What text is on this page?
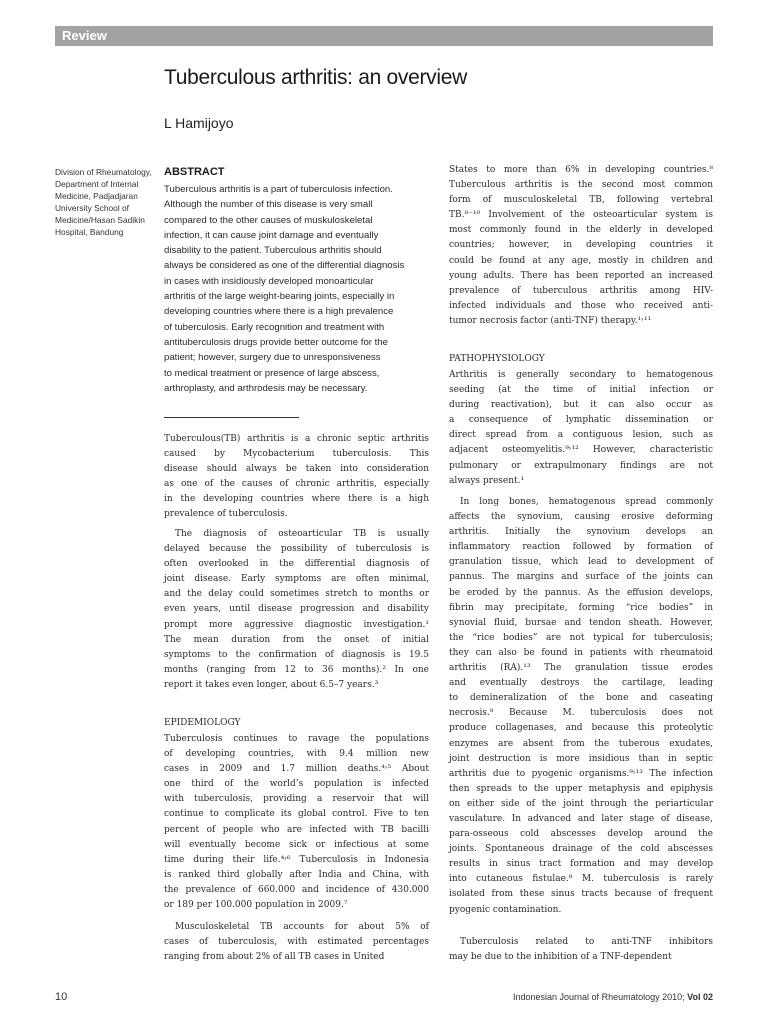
Review
Tuberculous arthritis: an overview
L Hamijoyo
Division of Rheumatology,
Department of Internal
Medicine, Padjadjaran
University School of
Medicine/Hasan Sadikin
Hospital, Bandung
ABSTRACT
Tuberculous arthritis is a part of tuberculosis infection.
Although the number of this disease is very small
compared to the other causes of muskuloskeletal
infection, it can cause joint damage and eventually
disability to the patient. Tuberculous arthritis should
always be considered as one of the differential diagnosis
in cases with insidiously developed monoarticular
arthritis of the large weight-bearing joints, especially in
developing countries where there is a high prevalence
of tuberculosis. Early recognition and treatment with
antituberculosis drugs provide better outcome for the
patient; however, surgery due to unresponsiveness
to medical treatment or presence of large abscess,
arthroplasty, and arthrodesis may be necessary.
Tuberculous(TB) arthritis is a chronic septic arthritis
caused by Mycobacterium tuberculosis. This
disease should always be taken into consideration
as one of the causes of chronic arthritis, especially
in the developing countries where there is a high
prevalence of tuberculosis.
The diagnosis of osteoarticular TB is usually
delayed because the possibility of tuberculosis is
often overlooked in the differential diagnosis of
joint disease. Early symptoms are often minimal,
and the delay could sometimes stretch to months or
even years, until disease progression and disability
prompt more aggressive diagnostic investigation.¹
The mean duration from the onset of initial
symptoms to the confirmation of diagnosis is 19.5
months (ranging from 12 to 36 months).² In one
report it takes even longer, about 6.5–7 years.³
EPIDEMIOLOGY
Tuberculosis continues to ravage the populations
of developing countries, with 9.4 million new
cases in 2009 and 1.7 million deaths.⁴˒⁵ About
one third of the world’s population is infected
with tuberculosis, providing a reservoir that will
continue to complicate its global control. Five to ten
percent of people who are infected with TB bacilli
will eventually become sick or infectious at some
time during their life.⁴˒⁶ Tuberculosis in Indonesia
is ranked third globally after India and China, with
the prevalence of 660.000 and incidence of 430.000
or 189 per 100.000 population in 2009.⁷
Musculoskeletal TB accounts for about 5% of
cases of tuberculosis, with estimated percentages
ranging from about 2% of all TB cases in United
States to more than 6% in developing countries.⁸
Tuberculous arthritis is the second most common
form of musculoskeletal TB, following vertebral
TB.⁸⁻¹⁰ Involvement of the osteoarticular system is
most commonly found in the elderly in developed
countries; however, in developing countries it
could be found at any age, mostly in children and
young adults. There has been reported an increased
prevalence of tuberculous arthritis among HIV-
infected individuals and those who received anti-
tumor necrosis factor (anti-TNF) therapy.¹˒¹¹
PATHOPHYSIOLOGY
Arthritis is generally secondary to hematogenous
seeding (at the time of initial infection or
during reactivation), but it can also occur as
a consequence of lymphatic dissemination or
direct spread from a contiguous lesion, such as
adjacent osteomyelitis.⁹˒¹² However, characteristic
pulmonary or extrapulmonary findings are not
always present.¹
In long bones, hematogenous spread commonly
affects the synovium, causing erosive deforming
arthritis. Initially the synovium develops an
inflammatory reaction followed by formation of
granulation tissue, which lead to development of
pannus. The margins and surface of the joints can
be eroded by the pannus. As the effusion develops,
fibrin may precipitate, forming “rice bodies” in
synovial fluid, bursae and tendon sheath. However,
the “rice bodies” are not typical for tuberculosis;
they can also be found in patients with rheumatoid
arthritis (RA).¹³ The granulation tissue erodes
and eventually destroys the cartilage, leading
to demineralization of the bone and caseating
necrosis.⁸ Because M. tuberculosis does not
produce collagenases, and because this proteolytic
enzymes are absent from the tuberous exudates,
joint destruction is more insidious than in septic
arthritis due to pyogenic organisms.⁹˒¹³ The infection
then spreads to the upper metaphysis and epiphysis
on either side of the joint through the periarticular
vasculature. In advanced and later stage of disease,
para-osseous cold abscesses develop around the
joints. Spontaneous drainage of the cold abscesses
results in sinus tract formation and may develop
into cutaneous fistulae.⁸ M. tuberculosis is rarely
isolated from these sinus tracts because of frequent
pyogenic contamination.
Tuberculosis related to anti-TNF inhibitors
may be due to the inhibition of a TNF-dependent
10	Indonesian Journal of Rheumatology 2010; Vol 02
